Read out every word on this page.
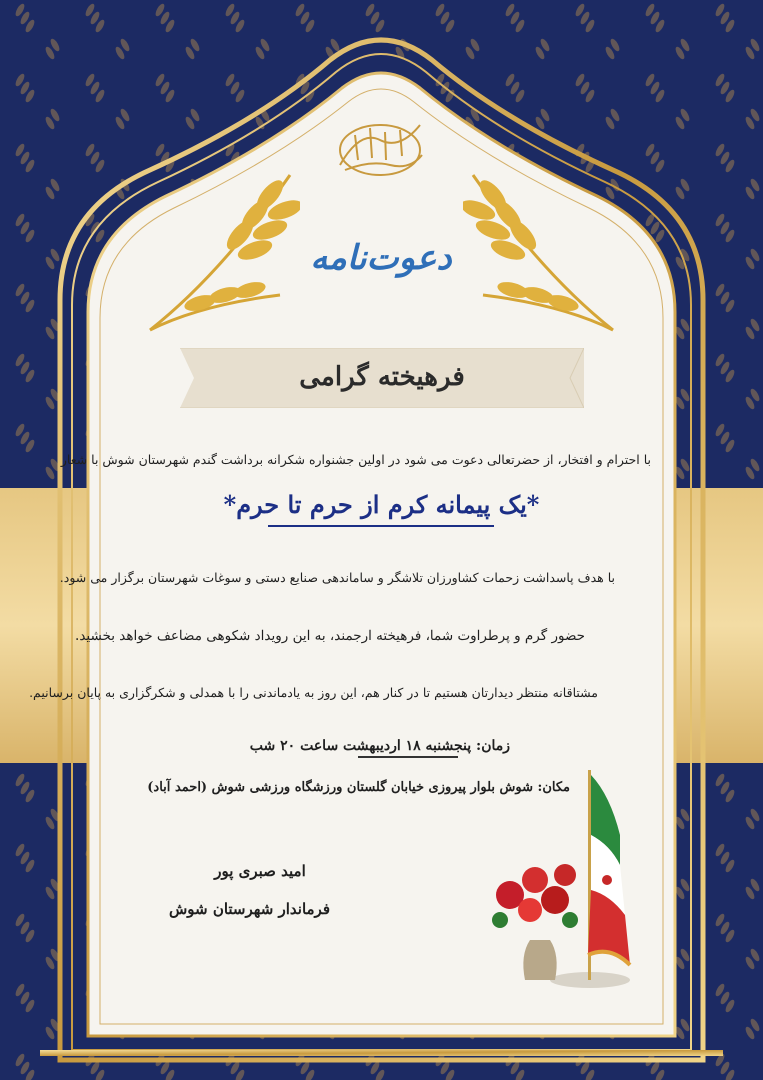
دعوت‌نامه
فرهیخته گرامی
با احترام و افتخار، از حضرتعالی دعوت می شود در اولین جشنواره شکرانه برداشت گندم شهرستان شوش با شعار
*یک پیمانه کرم از حرم تا حرم*
با هدف پاسداشت زحمات کشاورزان تلاشگر و ساماندهی صنایع دستی و سوغات شهرستان برگزار می شود.
حضور گرم و پرطراوت شما، فرهیخته ارجمند، به این رویداد شکوهی مضاعف خواهد بخشید.
مشتاقانه منتظر دیدارتان هستیم تا در کنار هم، این روز به یادماندنی را با همدلی و شکرگزاری به پایان برسانیم.
زمان: پنجشنبه ۱۸ اردیبهشت ساعت ۲۰ شب
مکان: شوش بلوار پیروزی خیابان گلستان ورزشگاه ورزشی شوش (احمد آباد)
امید صبری پور
فرماندار شهرستان شوش
